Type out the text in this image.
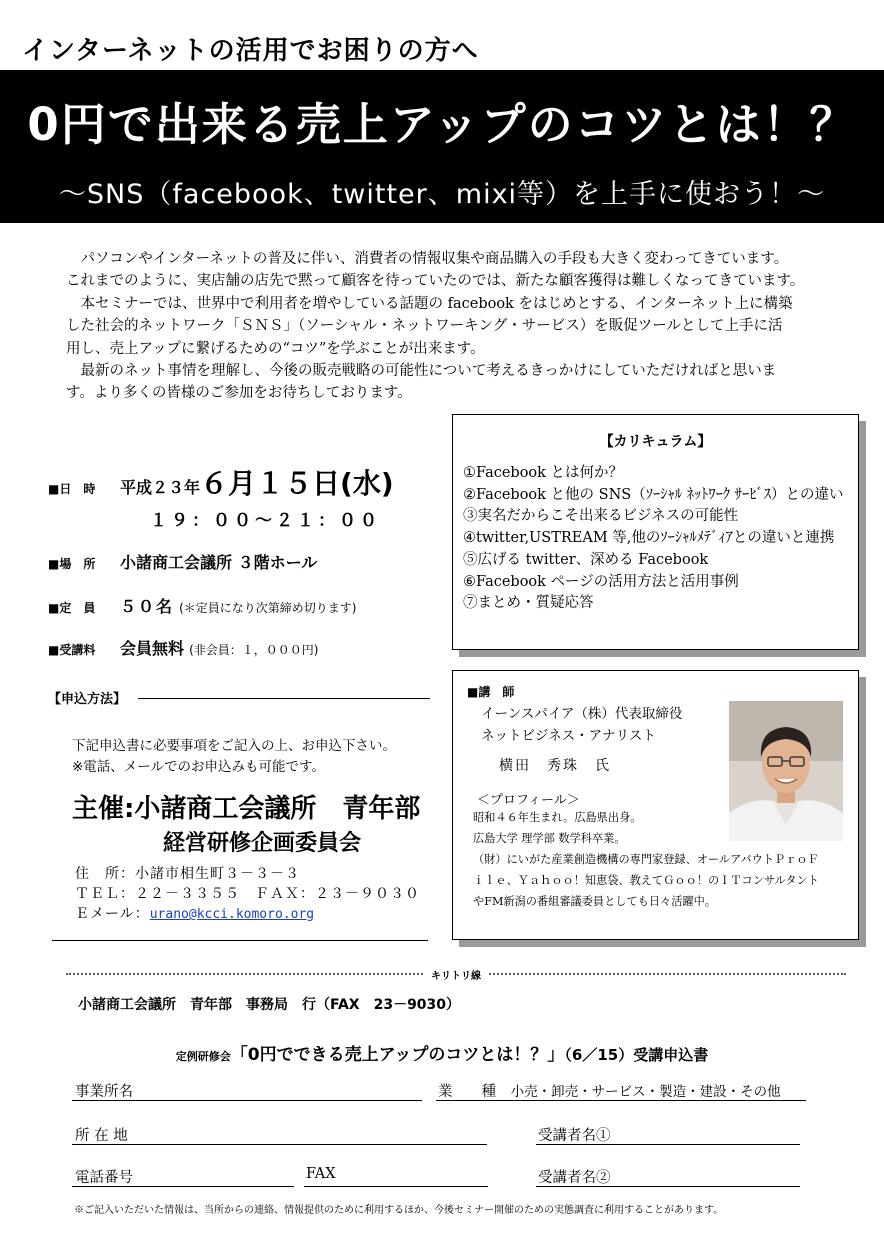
インターネットの活用でお困りの方へ
0円で出来る売上アップのコツとは！？
～SNS（facebook、twitter、mixi等）を上手に使おう！～

　パソコンやインターネットの普及に伴い、消費者の情報収集や商品購入の手段も大きく変わってきています。

これまでのように、実店舗の店先で黙って顧客を待っていたのでは、新たな顧客獲得は難しくなってきています。

　本セミナーでは、世界中で利用者を増やしている話題の facebook をはじめとする、インターネット上に構築

した社会的ネットワーク「ＳＮＳ」（ソーシャル・ネットワーキング・サービス）を販促ツールとして上手に活

用し、売上アップに繋げるための“コツ”を学ぶことが出来ます。

　最新のネット事情を理解し、今後の販売戦略の可能性について考えるきっかけにしていただければと思いま

す。より多くの皆様のご参加をお待ちしております。

■日　時 平成２３年６月１５日(水)
１９：００～２１：００
■場　所 小諸商工会議所 ３階ホール
■定　員 ５０名 (＊定員になり次第締め切ります)
■受講料 会員無料 (非会員：１，０００円)
【カリキュラム】
①Facebook とは何か？
②Facebook と他の SNS（ｿｰｼｬﾙ ﾈｯﾄﾜｰｸ ｻｰﾋﾞｽ）との違い
③実名だからこそ出来るビジネスの可能性
④twitter,USTREAM 等,他のｿｰｼｬﾙﾒﾃﾞｨｱとの違いと連携
⑤広げる twitter、深める Facebook
⑥Facebook ページの活用方法と活用事例
⑦まとめ・質疑応答
【申込方法】
下記申込書に必要事項をご記入の上、お申込下さい。
※電話、メールでのお申込みも可能です。
主催:小諸商工会議所　青年部
経営研修企画委員会
住　所：小諸市相生町３－３－３
ＴＥＬ：２２－３３５５　ＦＡＸ：２３－９０３０
Ｅメール：urano@kcci.komoro.org
■講　師
イーンスパイア（株）代表取締役
ネットビジネス・アナリスト
横田　秀珠　氏
＜プロフィール＞

昭和４６年生まれ。広島県出身。

広島大学 理学部 数学科卒業。

（財）にいがた産業創造機構の専門家登録、オールアバウトＰｒｏＦ

ｉｌｅ、Ｙａｈｏｏ！知恵袋、教えてＧｏｏ！のＩＴコンサルタント

やFM新潟の番組審議委員としても日々活躍中。

キリトリ線
小諸商工会議所　青年部　事務局　行（FAX　23－9030）
定例研修会「0円でできる売上アップのコツとは！？」（6／15）受講申込書
事業所名	業　　種 小売・卸売・サービス・製造・建設・その他
所 在 地	受講者名①
電話番号	FAX	受講者名②
※ご記入いただいた情報は、当所からの連絡、情報提供のために利用するほか、今後セミナー開催のための実態調査に利用することがあります。
